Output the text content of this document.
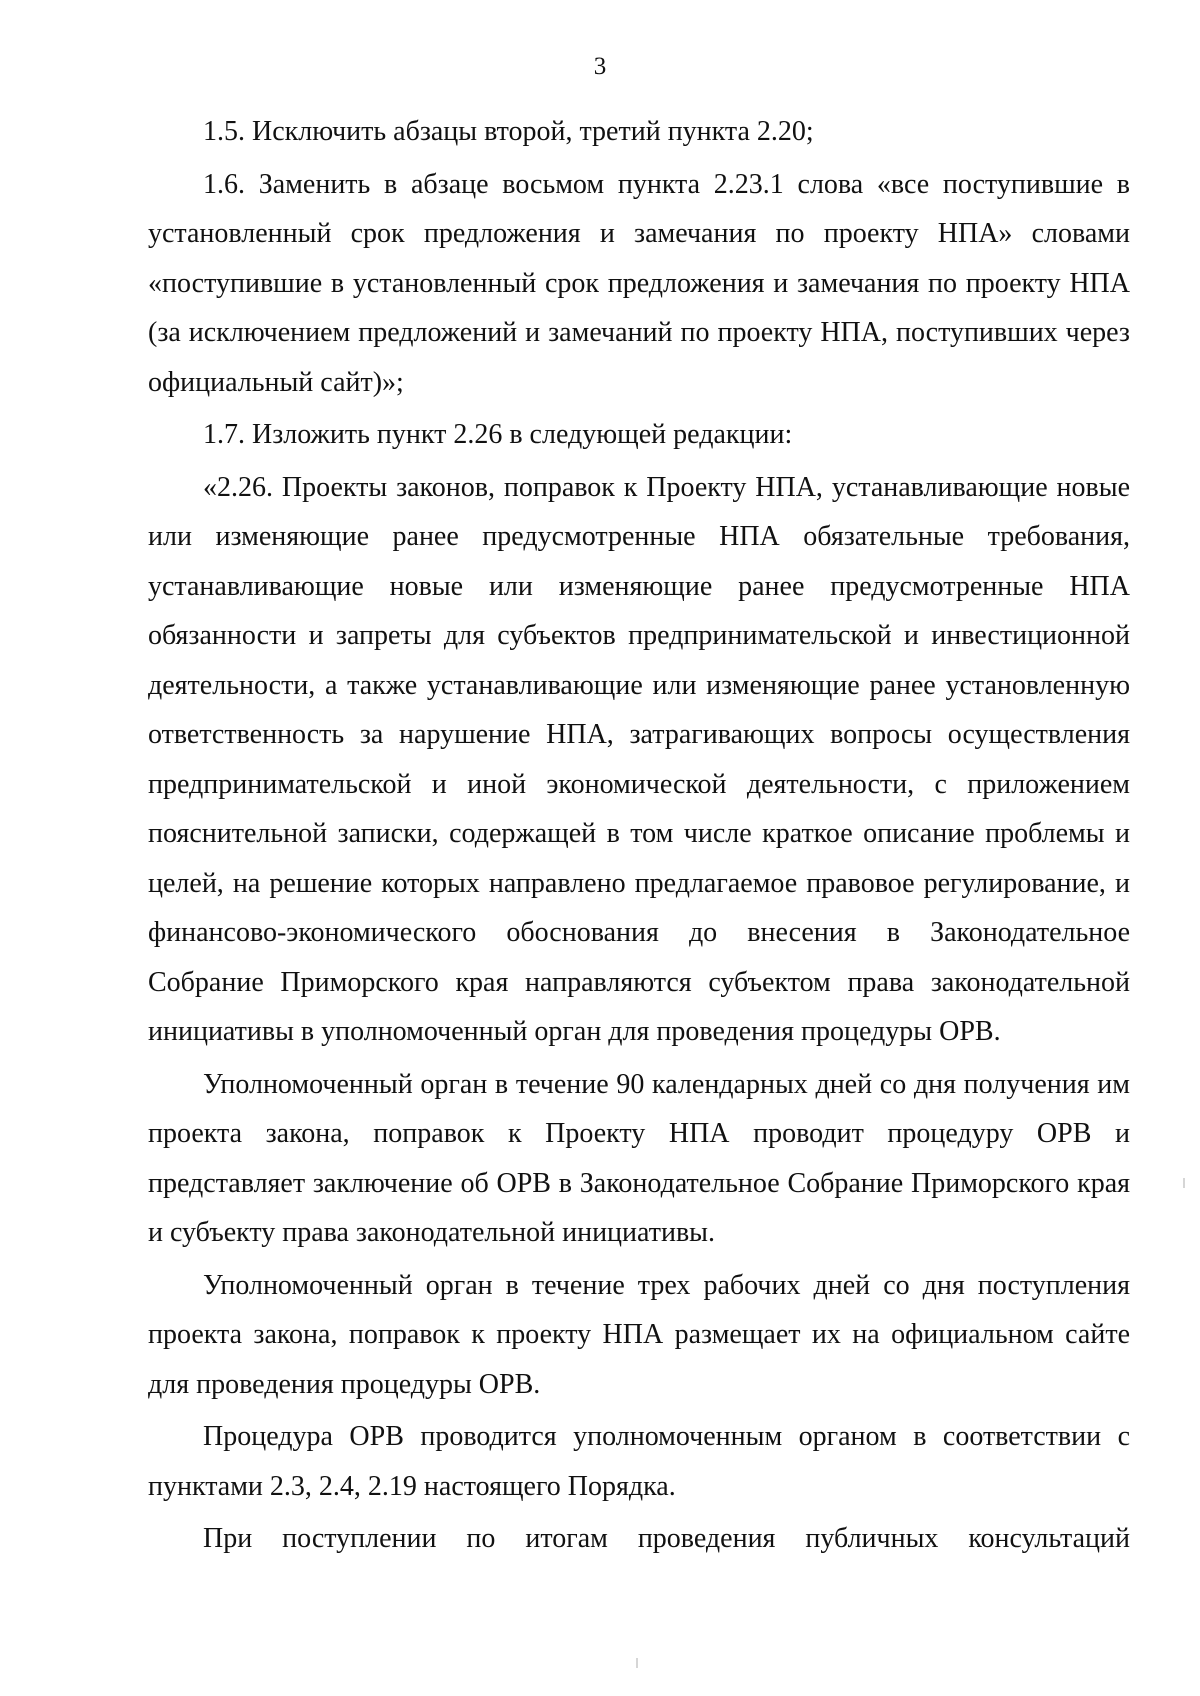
3

1.5. Исключить абзацы второй, третий пункта 2.20;

1.6. Заменить в абзаце восьмом пункта 2.23.1 слова «все поступившие в установленный срок предложения и замечания по проекту НПА» словами «поступившие в установленный срок предложения и замечания по проекту НПА (за исключением предложений и замечаний по проекту НПА, поступивших через официальный сайт)»;

1.7. Изложить пункт 2.26 в следующей редакции:

«2.26. Проекты законов, поправок к Проекту НПА, устанавливающие новые или изменяющие ранее предусмотренные НПА обязательные требования, устанавливающие новые или изменяющие ранее предусмотренные НПА обязанности и запреты для субъектов предпринимательской и инвестиционной деятельности, а также устанавливающие или изменяющие ранее установленную ответственность за нарушение НПА, затрагивающих вопросы осуществления предпринимательской и иной экономической деятельности, с приложением пояснительной записки, содержащей в том числе краткое описание проблемы и целей, на решение которых направлено предлагаемое правовое регулирование, и финансово-экономического обоснования до внесения в Законодательное Собрание Приморского края направляются субъектом права законодательной инициативы в уполномоченный орган для проведения процедуры ОРВ.

Уполномоченный орган в течение 90 календарных дней со дня получения им проекта закона, поправок к Проекту НПА проводит процедуру ОРВ и представляет заключение об ОРВ в Законодательное Собрание Приморского края и субъекту права законодательной инициативы.

Уполномоченный орган в течение трех рабочих дней со дня поступления проекта закона, поправок к проекту НПА размещает их на официальном сайте для проведения процедуры ОРВ.

Процедура ОРВ проводится уполномоченным органом в соответствии с пунктами 2.3, 2.4, 2.19 настоящего Порядка.

При поступлении по итогам проведения публичных консультаций
